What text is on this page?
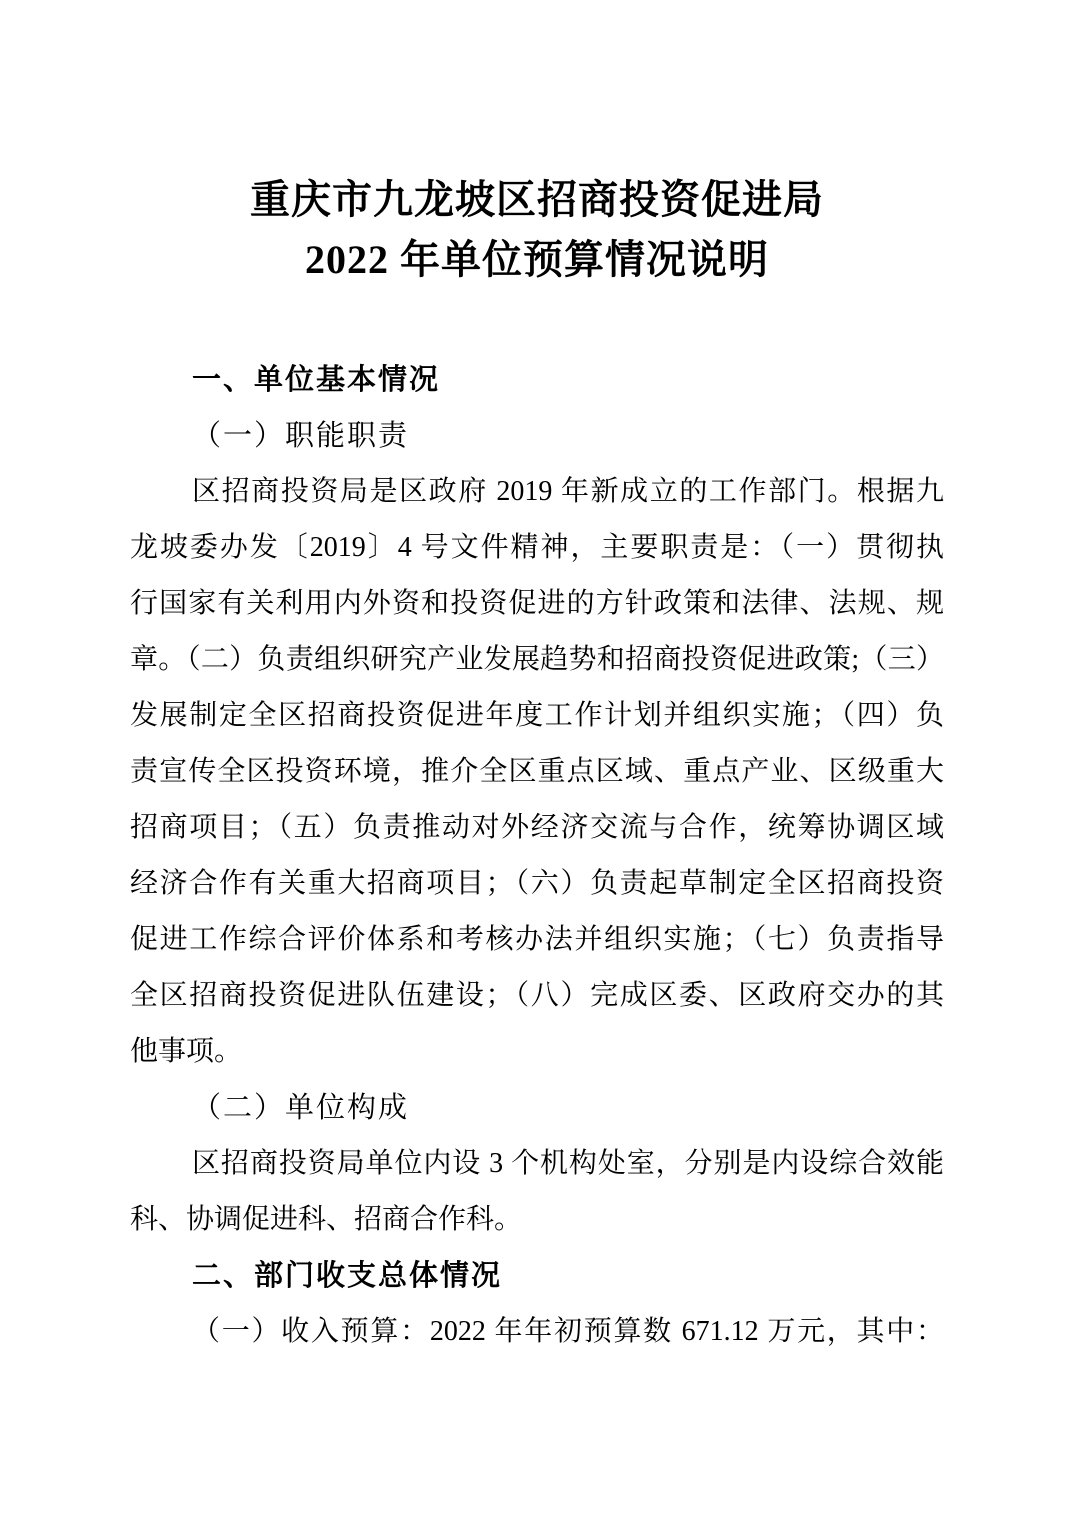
重庆市九龙坡区招商投资促进局
2022 年单位预算情况说明
一、单位基本情况
（一）职能职责
区招商投资局是区政府 2019 年新成立的工作部门。根据九
龙坡委办发〔2019〕4 号文件精神，主要职责是：（一）贯彻执
行国家有关利用内外资和投资促进的方针政策和法律、法规、规
章。（二）负责组织研究产业发展趋势和招商投资促进政策;（三）
发展制定全区招商投资促进年度工作计划并组织实施；（四）负
责宣传全区投资环境，推介全区重点区域、重点产业、区级重大
招商项目；（五）负责推动对外经济交流与合作，统筹协调区域
经济合作有关重大招商项目；（六）负责起草制定全区招商投资
促进工作综合评价体系和考核办法并组织实施；（七）负责指导
全区招商投资促进队伍建设；（八）完成区委、区政府交办的其
他事项。
（二）单位构成
区招商投资局单位内设 3 个机构处室，分别是内设综合效能
科、协调促进科、招商合作科。
二、部门收支总体情况
（一）收入预算：2022 年年初预算数 671.12 万元，其中：
